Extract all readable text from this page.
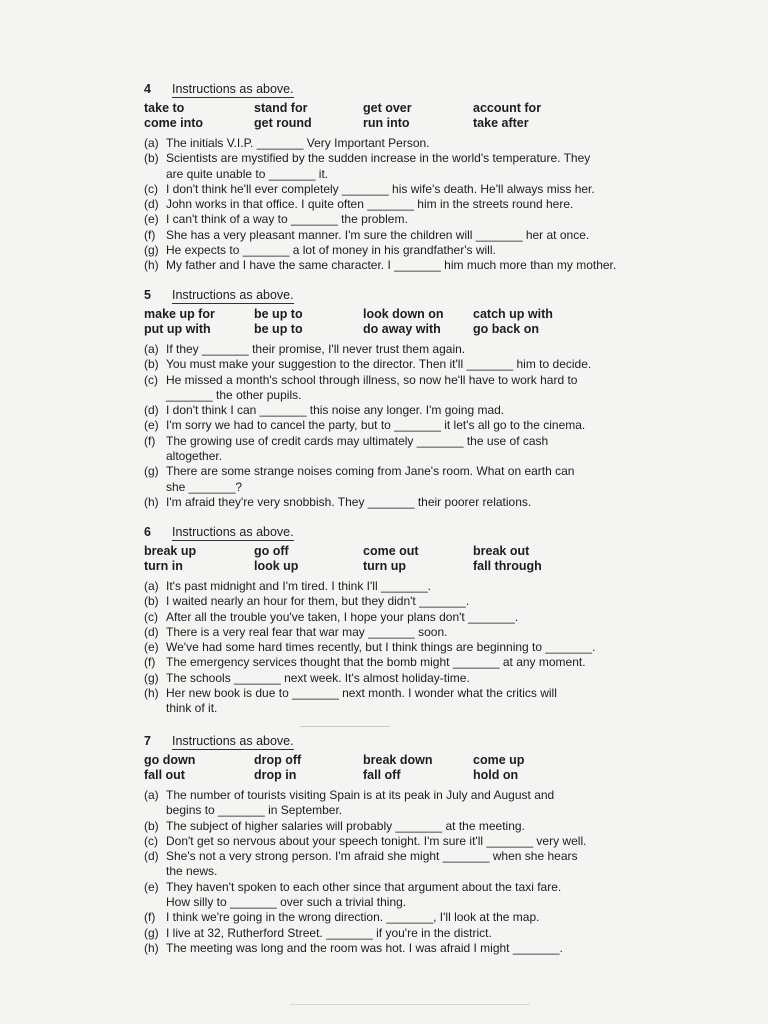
4	Instructions as above.
take to	stand for	get over	account for
come into	get round	run into	take after
(a) The initials V.I.P. _______ Very Important Person.
(b) Scientists are mystified by the sudden increase in the world's temperature. They
are quite unable to _______ it.
(c) I don't think he'll ever completely _______ his wife's death. He'll always miss her.
(d) John works in that office. I quite often _______ him in the streets round here.
(e) I can't think of a way to _______ the problem.
(f) She has a very pleasant manner. I'm sure the children will _______ her at once.
(g) He expects to _______ a lot of money in his grandfather's will.
(h) My father and I have the same character. I _______ him much more than my mother.
5	Instructions as above.
make up for	be up to	look down on	catch up with
put up with	be up to	do away with	go back on
(a) If they _______ their promise, I'll never trust them again.
(b) You must make your suggestion to the director. Then it'll _______ him to decide.
(c) He missed a month's school through illness, so now he'll have to work hard to
_______ the other pupils.
(d) I don't think I can _______ this noise any longer. I'm going mad.
(e) I'm sorry we had to cancel the party, but to _______ it let's all go to the cinema.
(f) The growing use of credit cards may ultimately _______ the use of cash
altogether.
(g) There are some strange noises coming from Jane's room. What on earth can
she _______?
(h) I'm afraid they're very snobbish. They _______ their poorer relations.
6	Instructions as above.
break up	go off	come out	break out
turn in	look up	turn up	fall through
(a) It's past midnight and I'm tired. I think I'll _______.
(b) I waited nearly an hour for them, but they didn't _______.
(c) After all the trouble you've taken, I hope your plans don't _______.
(d) There is a very real fear that war may _______ soon.
(e) We've had some hard times recently, but I think things are beginning to _______.
(f) The emergency services thought that the bomb might _______ at any moment.
(g) The schools _______ next week. It's almost holiday-time.
(h) Her new book is due to _______ next month. I wonder what the critics will
think of it.
7	Instructions as above.
go down	drop off	break down	come up
fall out	drop in	fall off	hold on
(a) The number of tourists visiting Spain is at its peak in July and August and
begins to _______ in September.
(b) The subject of higher salaries will probably _______ at the meeting.
(c) Don't get so nervous about your speech tonight. I'm sure it'll _______ very well.
(d) She's not a very strong person. I'm afraid she might _______ when she hears
the news.
(e) They haven't spoken to each other since that argument about the taxi fare.
How silly to _______ over such a trivial thing.
(f) I think we're going in the wrong direction. _______, I'll look at the map.
(g) I live at 32, Rutherford Street. _______ if you're in the district.
(h) The meeting was long and the room was hot. I was afraid I might _______.
